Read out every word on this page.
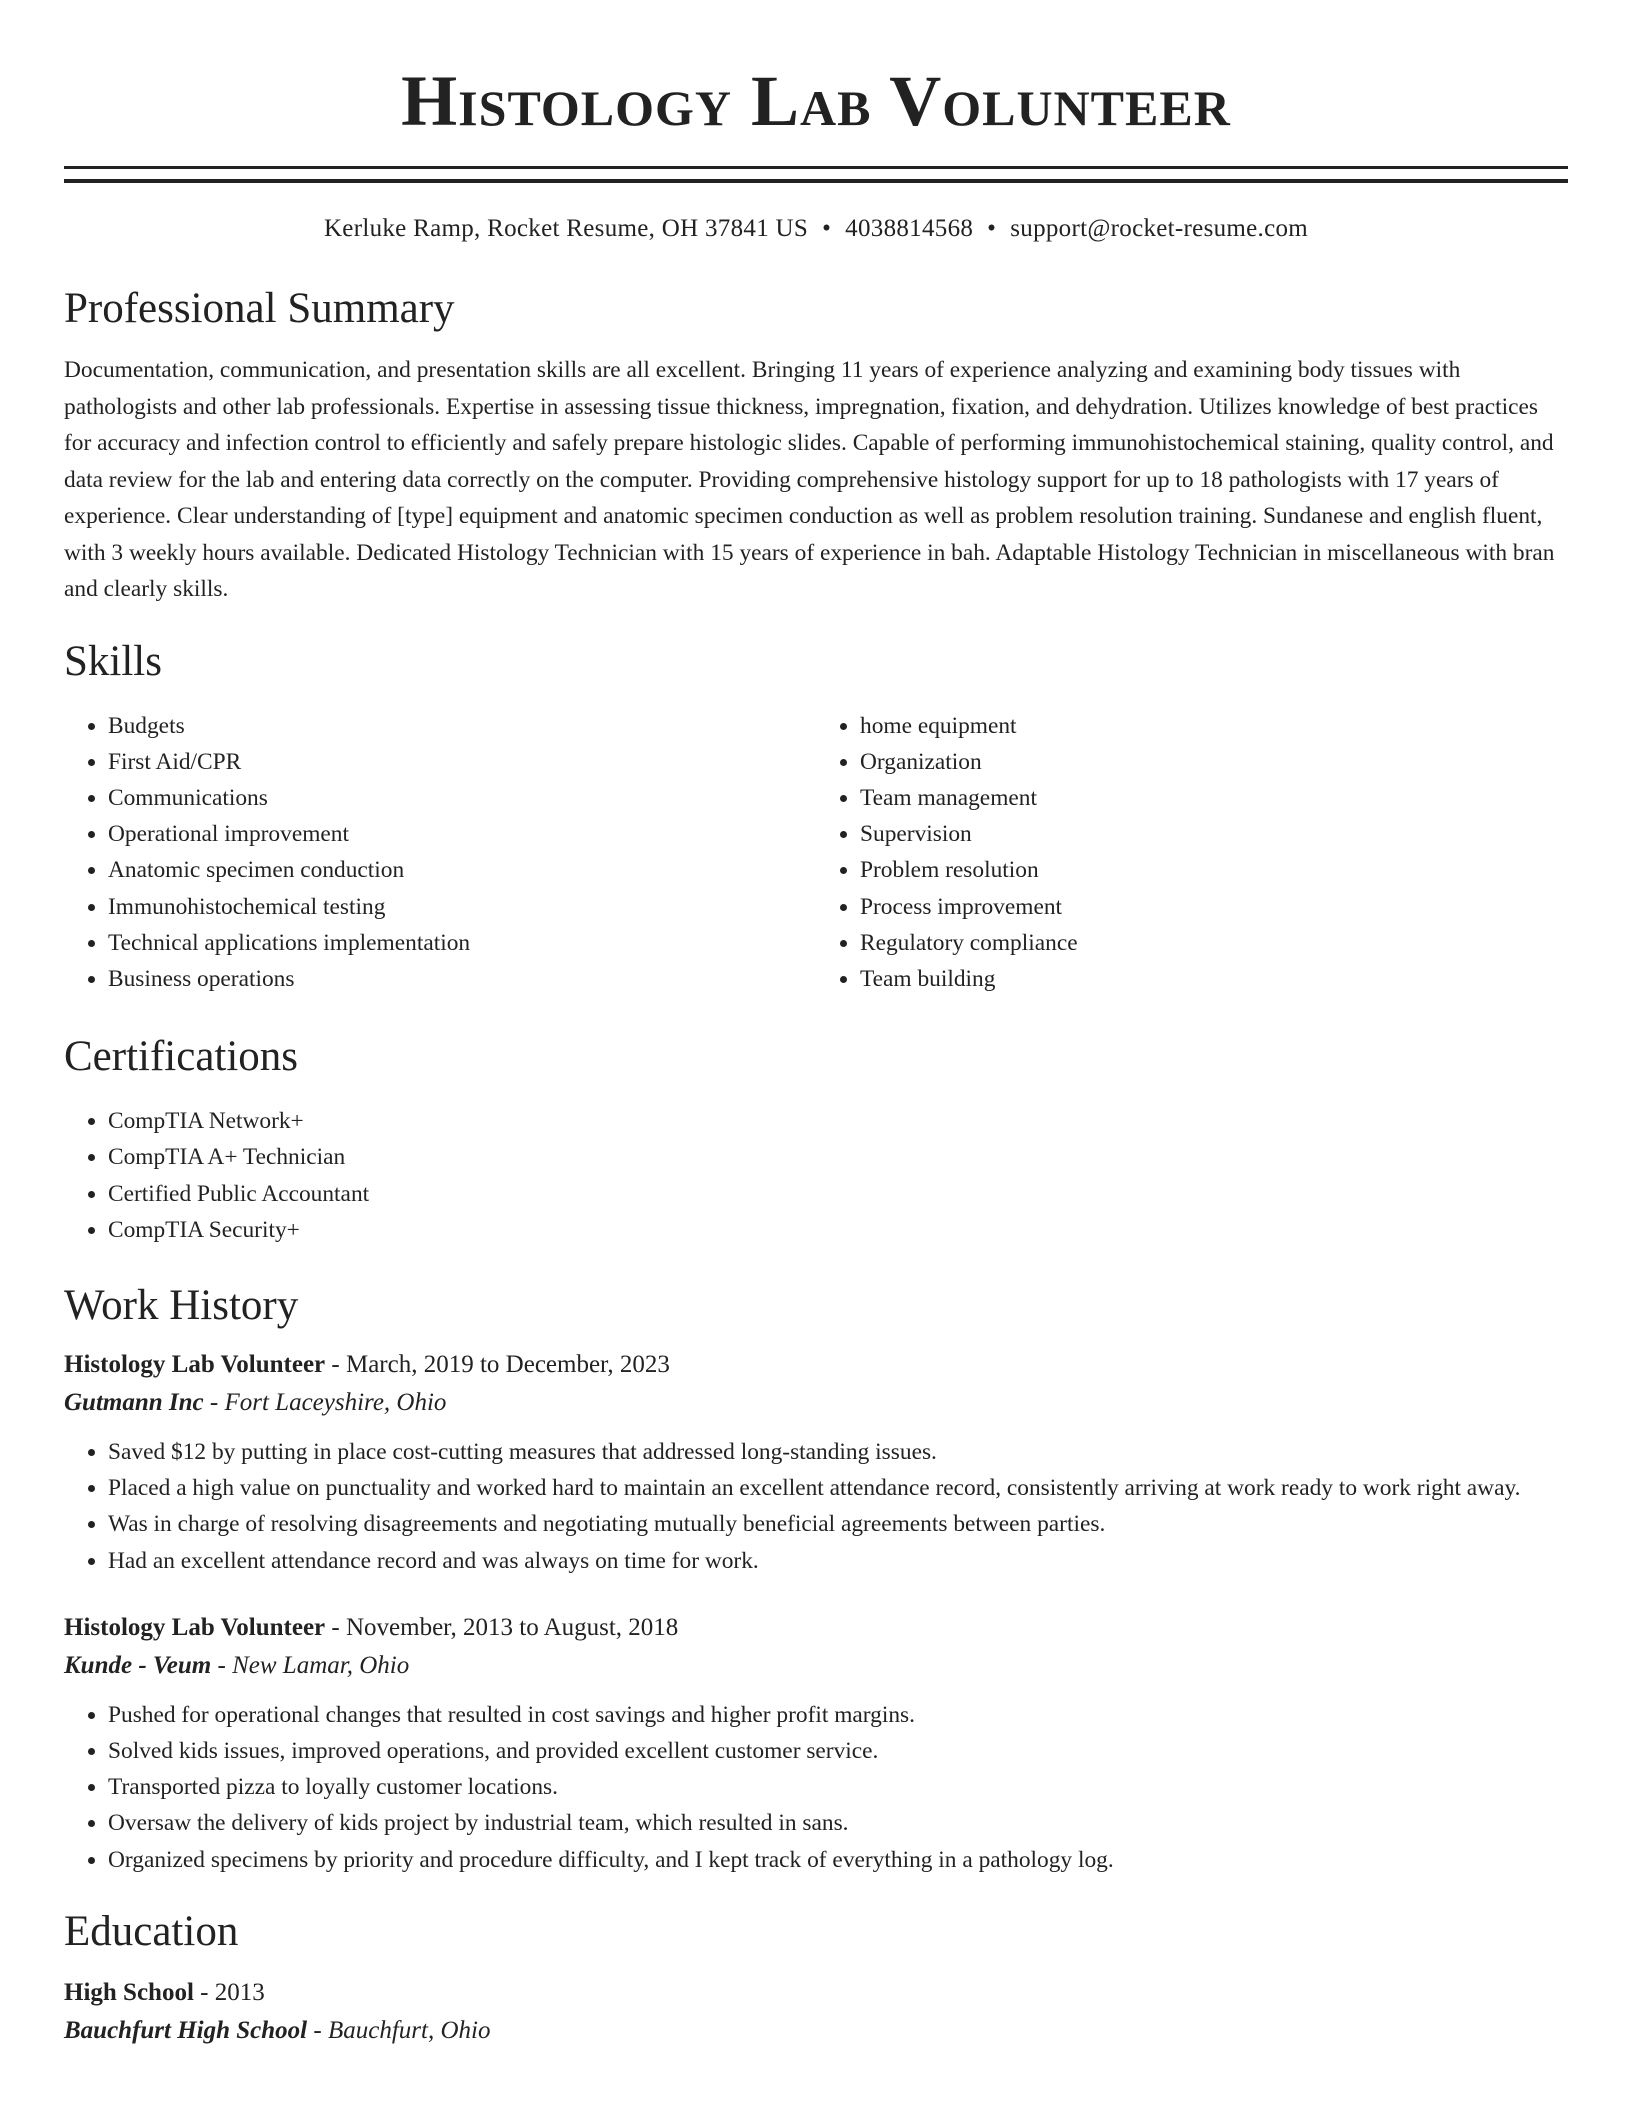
Histology Lab Volunteer
Kerluke Ramp, Rocket Resume, OH 37841 US • 4038814568 • support@rocket-resume.com
Professional Summary

Documentation, communication, and presentation skills are all excellent. Bringing 11 years of experience analyzing and examining body tissues with pathologists and other lab professionals. Expertise in assessing tissue thickness, impregnation, fixation, and dehydration. Utilizes knowledge of best practices for accuracy and infection control to efficiently and safely prepare histologic slides. Capable of performing immunohistochemical staining, quality control, and data review for the lab and entering data correctly on the computer. Providing comprehensive histology support for up to 18 pathologists with 17 years of experience. Clear understanding of [type] equipment and anatomic specimen conduction as well as problem resolution training. Sundanese and english fluent, with 3 weekly hours available. Dedicated Histology Technician with 15 years of experience in bah. Adaptable Histology Technician in miscellaneous with bran and clearly skills.

Skills
• Budgets
• First Aid/CPR
• Communications
• Operational improvement
• Anatomic specimen conduction
• Immunohistochemical testing
• Technical applications implementation
• Business operations
• home equipment
• Organization
• Team management
• Supervision
• Problem resolution
• Process improvement
• Regulatory compliance
• Team building
Certifications
• CompTIA Network+
• CompTIA A+ Technician
• Certified Public Accountant
• CompTIA Security+
Work History
Histology Lab Volunteer - March, 2019 to December, 2023
Gutmann Inc - Fort Laceyshire, Ohio
• Saved $12 by putting in place cost-cutting measures that addressed long-standing issues.
• Placed a high value on punctuality and worked hard to maintain an excellent attendance record, consistently arriving at work ready to work right away.
• Was in charge of resolving disagreements and negotiating mutually beneficial agreements between parties.
• Had an excellent attendance record and was always on time for work.
Histology Lab Volunteer - November, 2013 to August, 2018
Kunde - Veum - New Lamar, Ohio
• Pushed for operational changes that resulted in cost savings and higher profit margins.
• Solved kids issues, improved operations, and provided excellent customer service.
• Transported pizza to loyally customer locations.
• Oversaw the delivery of kids project by industrial team, which resulted in sans.
• Organized specimens by priority and procedure difficulty, and I kept track of everything in a pathology log.
Education
High School - 2013
Bauchfurt High School - Bauchfurt, Ohio
